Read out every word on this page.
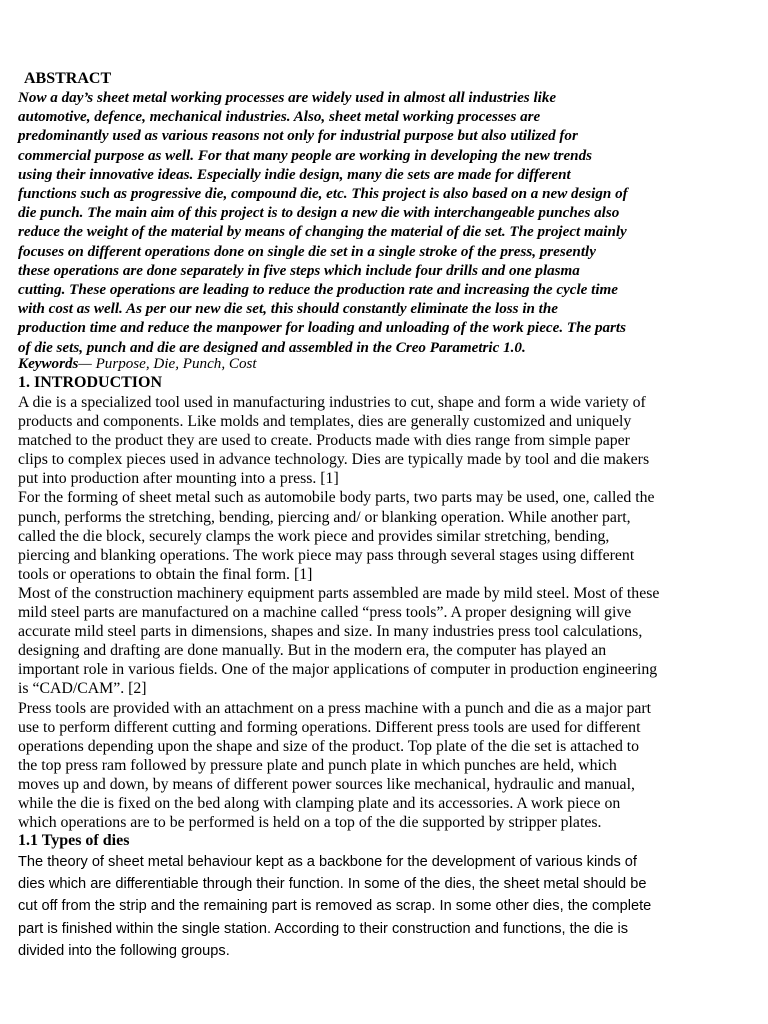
ABSTRACT
Now a day’s sheet metal working processes are widely used in almost all industries like
automotive, defence, mechanical industries. Also, sheet metal working processes are
predominantly used as various reasons not only for industrial purpose but also utilized for
commercial purpose as well. For that many people are working in developing the new trends
using their innovative ideas. Especially indie design, many die sets are made for different
functions such as progressive die, compound die, etc. This project is also based on a new design of
die punch. The main aim of this project is to design a new die with interchangeable punches also
reduce the weight of the material by means of changing the material of die set. The project mainly
focuses on different operations done on single die set in a single stroke of the press, presently
these operations are done separately in five steps which include four drills and one plasma
cutting. These operations are leading to reduce the production rate and increasing the cycle time
with cost as well. As per our new die set, this should constantly eliminate the loss in the
production time and reduce the manpower for loading and unloading of the work piece. The parts
of die sets, punch and die are designed and assembled in the Creo Parametric 1.0.
Keywords— Purpose, Die, Punch, Cost
1. INTRODUCTION
A die is a specialized tool used in manufacturing industries to cut, shape and form a wide variety of
products and components. Like molds and templates, dies are generally customized and uniquely
matched to the product they are used to create. Products made with dies range from simple paper
clips to complex pieces used in advance technology. Dies are typically made by tool and die makers
put into production after mounting into a press. [1]
For the forming of sheet metal such as automobile body parts, two parts may be used, one, called the
punch, performs the stretching, bending, piercing and/ or blanking operation. While another part,
called the die block, securely clamps the work piece and provides similar stretching, bending,
piercing and blanking operations. The work piece may pass through several stages using different
tools or operations to obtain the final form. [1]
Most of the construction machinery equipment parts assembled are made by mild steel. Most of these
mild steel parts are manufactured on a machine called “press tools”. A proper designing will give
accurate mild steel parts in dimensions, shapes and size. In many industries press tool calculations,
designing and drafting are done manually. But in the modern era, the computer has played an
important role in various fields. One of the major applications of computer in production engineering
is “CAD/CAM”. [2]
Press tools are provided with an attachment on a press machine with a punch and die as a major part
use to perform different cutting and forming operations. Different press tools are used for different
operations depending upon the shape and size of the product. Top plate of the die set is attached to
the top press ram followed by pressure plate and punch plate in which punches are held, which
moves up and down, by means of different power sources like mechanical, hydraulic and manual,
while the die is fixed on the bed along with clamping plate and its accessories. A work piece on
which operations are to be performed is held on a top of the die supported by stripper plates.
1.1 Types of dies
The theory of sheet metal behaviour kept as a backbone for the development of various kinds of
dies which are differentiable through their function. In some of the dies, the sheet metal should be
cut off from the strip and the remaining part is removed as scrap. In some other dies, the complete
part is finished within the single station. According to their construction and functions, the die is
divided into the following groups.
